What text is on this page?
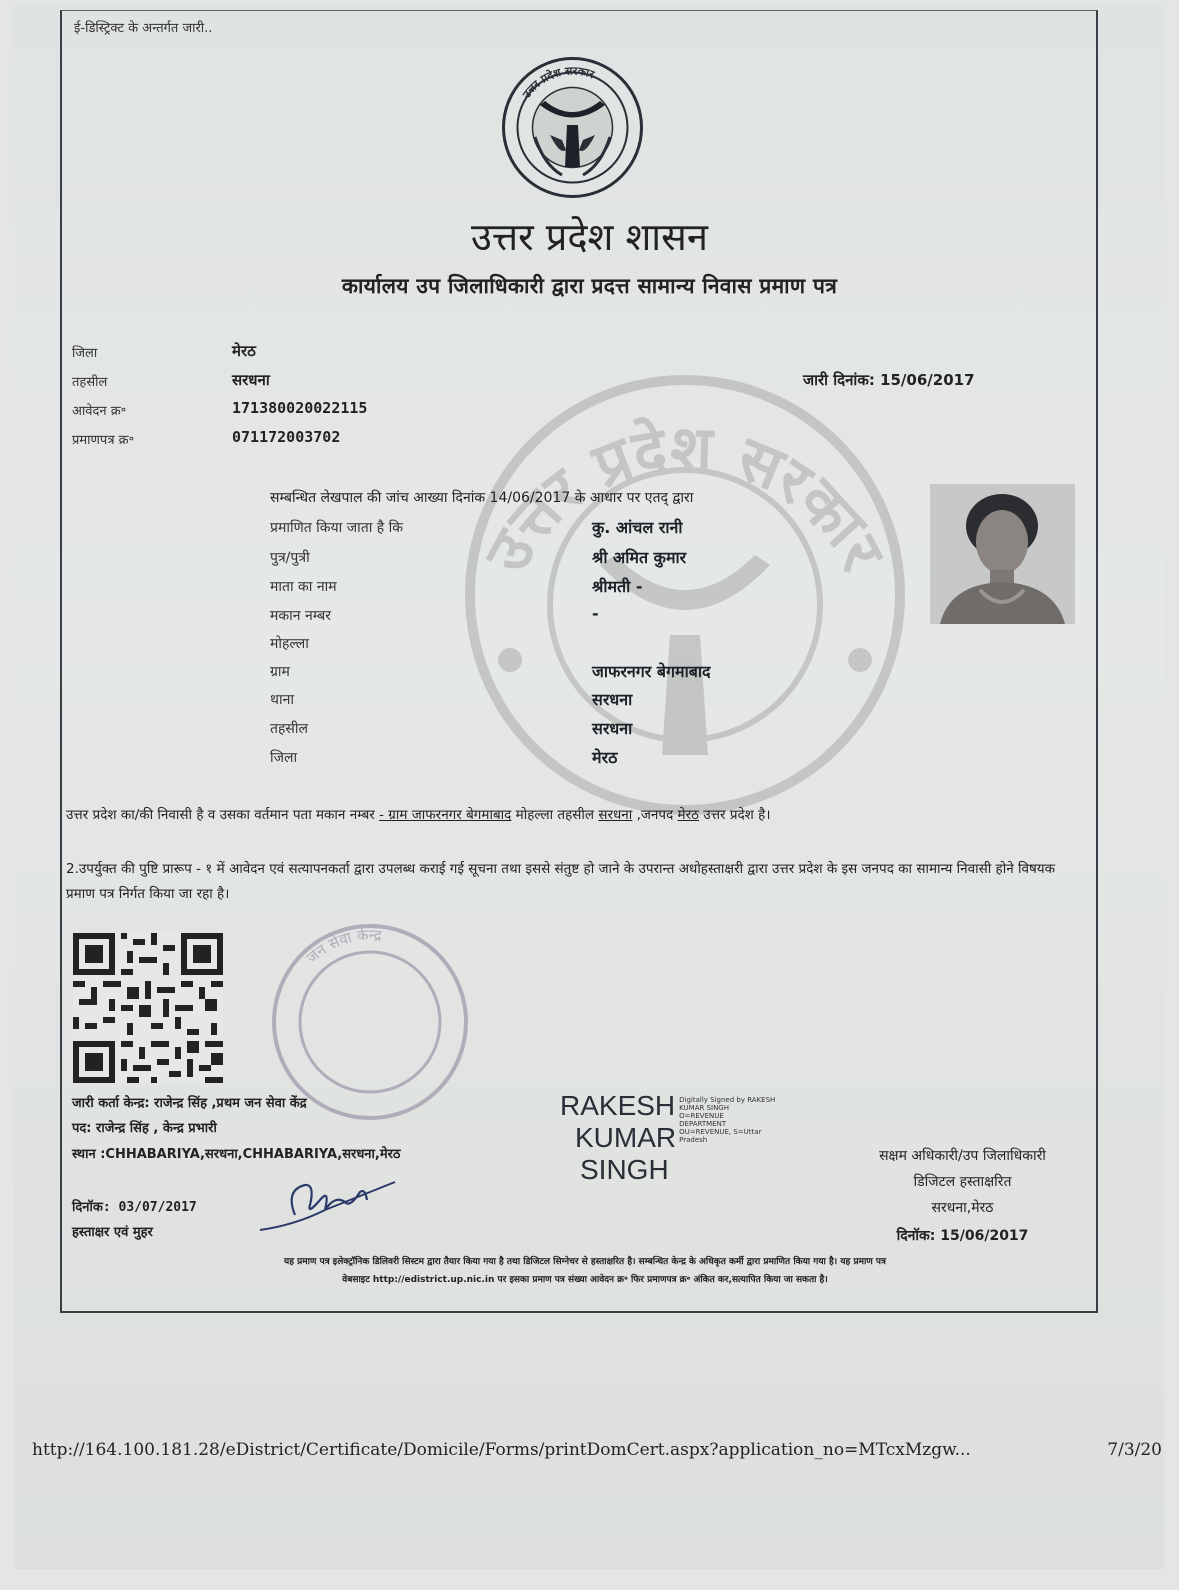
ई-डिस्ट्रिक्ट के अन्तर्गत जारी..
उत्तर प्रदेश सरकार
उत्तर प्रदेश शासन
कार्यालय उप जिलाधिकारी द्वारा प्रदत्त सामान्य निवास प्रमाण पत्र
उत्तर प्रदेश सरकार
जिला	मेरठ
तहसील	सरधना
आवेदन क्र॰	171380020022115
प्रमाणपत्र क्र॰	071172003702
जारी दिनांक: 15/06/2017
सम्बन्धित लेखपाल की जांच आख्या दिनांक 14/06/2017 के आधार पर एतद् द्वारा
प्रमाणित किया जाता है कि	कु. आंचल रानी
पुत्र/पुत्री	श्री अमित कुमार
माता का नाम	श्रीमती -
मकान नम्बर	-
मोहल्ला
ग्राम	जाफरनगर बेगमाबाद
थाना	सरधना
तहसील	सरधना
जिला	मेरठ
उत्तर प्रदेश का/की निवासी है व उसका वर्तमान पता मकान नम्बर - ग्राम जाफरनगर बेगमाबाद मोहल्ला तहसील सरधना ,जनपद मेरठ उत्तर प्रदेश है।
2.उपर्युक्त की पुष्टि प्रारूप - १ में आवेदन एवं सत्यापनकर्ता द्वारा उपलब्ध कराई गई सूचना तथा इससे संतुष्ट हो जाने के उपरान्त अधोहस्ताक्षरी द्वारा उत्तर प्रदेश के इस जनपद का सामान्य निवासी होने विषयक प्रमाण पत्र निर्गत किया जा रहा है।
जन सेवा केन्द्र
जारी कर्ता केन्द्र: राजेन्द्र सिंह ,प्रथम जन सेवा केंद्र
पद: राजेन्द्र सिंह , केन्द्र प्रभारी
स्थान :CHHABARIYA,सरधना,CHHABARIYA,सरधना,मेरठ
दिनॉक: 03/07/2017
हस्ताक्षर एवं मुहर
RAKESH
KUMAR
SINGH
Digitally Signed by RAKESH
KUMAR SINGH
O=REVENUE
DEPARTMENT
OU=REVENUE, S=Uttar
Pradesh
सक्षम अधिकारी/उप जिलाधिकारी
डिजिटल हस्ताक्षरित
सरधना,मेरठ
दिनॉक: 15/06/2017
यह प्रमाण पत्र इलेक्ट्रॉनिक डिलिवरी सिस्टम द्वारा तैयार किया गया है तथा डिजिटल सिग्नेचर से हस्ताक्षरित है। सम्बन्धित केन्द्र के अधिकृत कर्मी द्वारा प्रमाणित किया गया है। यह प्रमाण पत्र
वेबसाइट http://edistrict.up.nic.in पर इसका प्रमाण पत्र संख्या आवेदन क्र॰ फिर प्रमाणपत्र क्र॰ अंकित कर,सत्यापित किया जा सकता है।
http://164.100.181.28/eDistrict/Certificate/Domicile/Forms/printDomCert.aspx?application_no=MTcxMzgw...	7/3/20
